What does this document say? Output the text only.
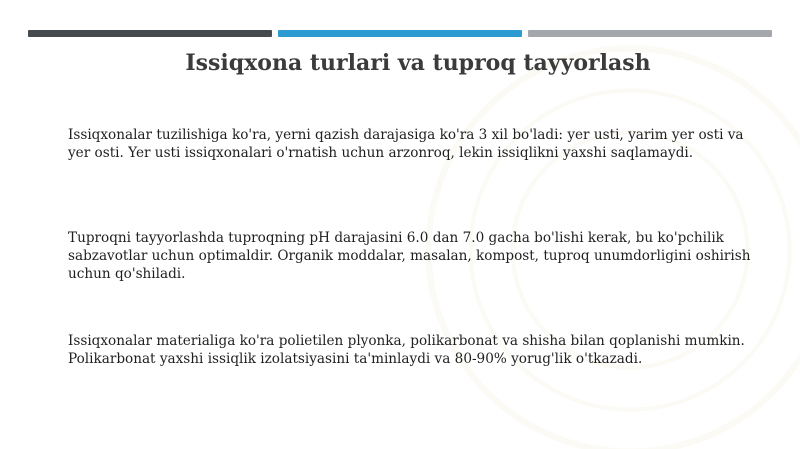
Issiqxona turlari va tuproq tayyorlash
Issiqxonalar tuzilishiga ko'ra, yerni qazish darajasiga ko'ra 3 xil bo'ladi: yer usti, yarim yer osti va yer osti. Yer usti issiqxonalari o'rnatish uchun arzonroq, lekin issiqlikni yaxshi saqlamaydi.
Tuproqni tayyorlashda tuproqning pH darajasini 6.0 dan 7.0 gacha bo'lishi kerak, bu ko'pchilik sabzavotlar uchun optimaldir. Organik moddalar, masalan, kompost, tuproq unumdorligini oshirish uchun qo'shiladi.
Issiqxonalar materialiga ko'ra polietilen plyonka, polikarbonat va shisha bilan qoplanishi mumkin. Polikarbonat yaxshi issiqlik izolatsiyasini ta'minlaydi va 80-90% yorug'lik o'tkazadi.
